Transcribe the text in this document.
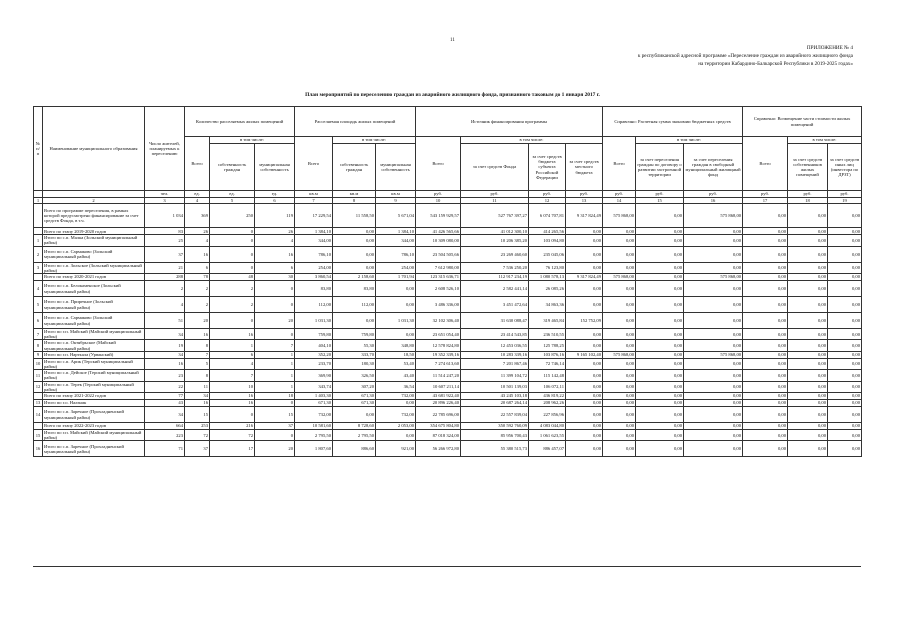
11
ПРИЛОЖЕНИЕ № 4
к республиканской адресной программе «Переселение граждан из аварийного жилищного фонда
на территории Кабардино-Балкарской Республики в 2019-2025 годах»
План мероприятий по переселению граждан из аварийного жилищного фонда, признанного таковым до 1 января 2017 г.
№ п/п	Наименование муниципального образования	Число жителей, планируемых к переселению	Количество расселяемых жилых помещений			Расселяемая площадь жилых помещений			Источник финансирования программы				Справочно: Расчетная сумма экономии бюджетных средств			Справочно: Возмещение части стоимости жилых помещений		
			Всего	в том числе:		Всего	в том числе:		Всего	в том числе:			Всего	в том числе:		Всего	в том числе:	
				собственность граждан	муниципальная собственность		собственность граждан	муниципальная собственность		за счет средств Фонда	за счет средств бюджета субъекта Российской Федерации	за счет средств местного бюджета		за счет переселения граждан по договору о развитии застроенной территории	за счет переселения граждан в свободный муниципальный жилищный фонд		за счет средств собственников жилых помещений	за счет средств иных лиц (инвестора по ДРЗТ)
		чел.	ед.	ед.	ед.	кв.м	кв.м	кв.м	руб.	руб.	руб.	руб.	руб.	руб.	руб.	руб.	руб.	руб.
1	2	3	4	5	6	7	8	9	10	11	12	13	14	15	16	17	18	19
	Всего по программе переселения, в рамках которой предусмотрено финансирование за счет средств Фонда, в т.ч.	1 034	369	250	119	17 229,54	11 558,50	5 671,04	543 159 929,57	527 767 397,27	6 074 707,81	9 317 824,49	575 868,00	0,00	575 868,00	0,00	0,00	0,00
	Всего по этапу 2019-2020 годов	83	26	0	26	1 384,10	0,00	1 384,10	41 426 565,66	41 012 300,10	414 265,56	0,00	0,00	0,00	0,00	0,00	0,00	0,00
1	Итого по с.п. Малка (Зольский муниципальный район)	25	4	0	4	344,00	0,00	344,00	10 309 080,00	10 206 385,20	103 094,80	0,00	0,00	0,00	0,00	0,00	0,00	0,00
2	Итого по с.п. Сармаково (Зольский муниципальный район)	37	16	0	16	786,10	0,00	786,10	23 504 505,66	23 269 460,60	235 045,06	0,00	0,00	0,00	0,00	0,00	0,00	0,00
3	Итого по с.п. Зольское (Зольский муниципальный район)	21	6	0	6	254,00	0,00	254,00	7 612 980,00	7 536 250,20	76 123,80	0,00	0,00	0,00	0,00	0,00	0,00	0,00
	Всего по этапу 2020-2021 годов	288	78	48	30	3 860,54	2 158,60	1 701,94	123 315 636,71	112 917 234,19	1 080 578,13	9 317 824,49	575 868,00	0,00	575 868,00	0,00	0,00	0,00
4	Итого по с.п. Белокаменское (Зольский муниципальный район)	2	2	2	0	83,80	83,80	0,00	2 608 526,10	2 582 441,14	26 085,26	0,00	0,00	0,00	0,00	0,00	0,00	0,00
5	Итого по с.п. Приречное (Зольский муниципальный район)	4	2	2	0	112,00	112,00	0,00	3 486 336,00	3 451 472,64	34 863,36	0,00	0,00	0,00	0,00	0,00	0,00	0,00
6	Итого по с.п. Сармаково (Зольский муниципальный район)	51	20	0	20	1 031,30	0,00	1 031,30	32 102 306,40	31 630 088,47	319 465,84	152 752,09	0,00	0,00	0,00	0,00	0,00	0,00
7	Итого по г.п. Майский (Майский муниципальный район)	34	16	16	0	759,80	759,80	0,00	23 651 054,40	23 414 543,85	236 510,55	0,00	0,00	0,00	0,00	0,00	0,00	0,00
8	Итого по с.п. Октябрьское (Майский муниципальный район)	19	8	1	7	404,10	55,30	348,80	12 578 824,80	12 453 036,55	125 788,25	0,00	0,00	0,00	0,00	0,00	0,00	0,00
9	Итого по г.п. Нарткала (Урванский)	34	7	6	1	352,20	333,70	18,50	19 352 339,16	10 283 339,16	103 876,16	9 165 102,40	575 868,00	0,00	575 868,00	0,00	0,00	0,00
10	Итого по с.п. Арик (Терский муниципальный район)	16	5	4	1	233,70	180,30	53,40	7 274 613,60	7 201 867,46	72 746,14	0,00	0,00	0,00	0,00	0,00	0,00	0,00
11	Итого по с.п. Дейское (Терский муниципальный район)	23	8	7	1	369,90	326,50	43,40	11 514 247,20	11 399 104,72	115 142,48	0,00	0,00	0,00	0,00	0,00	0,00	0,00
12	Итого по с.п. Терек (Терский муниципальный район)	22	11	10	1	343,74	307,20	36,54	10 607 211,14	10 501 139,03	106 072,11	0,00	0,00	0,00	0,00	0,00	0,00	0,00
	Всего по этапу 2021-2022 годов	77	34	16	18	1 403,30	671,30	732,00	43 681 922,40	43 245 103,18	436 819,22	0,00	0,00	0,00	0,00	0,00	0,00	0,00
13	Итого по г.о. Нальчик	43	16	16	0	671,30	671,30	0,00	20 896 226,40	20 687 264,14	208 962,26	0,00	0,00	0,00	0,00	0,00	0,00	0,00
14	Итого по с.п. Заречное (Прохладненский муниципальный район)	34	15	0	15	732,00	0,00	732,00	22 785 696,00	22 557 839,04	227 856,96	0,00	0,00	0,00	0,00	0,00	0,00	0,00
	Всего по этапу 2022-2023 годов	664	253	216	37	10 581,60	8 728,60	2 053,00	354 675 804,80	350 592 760,09	4 083 044,80	0,00	0,00	0,00	0,00	0,00	0,00	0,00
15	Итого по г.п. Майский (Майский муниципальный район)	223	72	72	0	2 795,50	2 795,50	0,00	87 018 324,00	85 956 700,43	1 061 623,55	0,00	0,00	0,00	0,00	0,00	0,00	0,00
16	Итого по с.п. Заречное (Прохладненский муниципальный район)	71	37	17	20	1 807,60	886,60	921,00	56 266 972,80	55 380 515,73	886 457,07	0,00	0,00	0,00	0,00	0,00	0,00	0,00
